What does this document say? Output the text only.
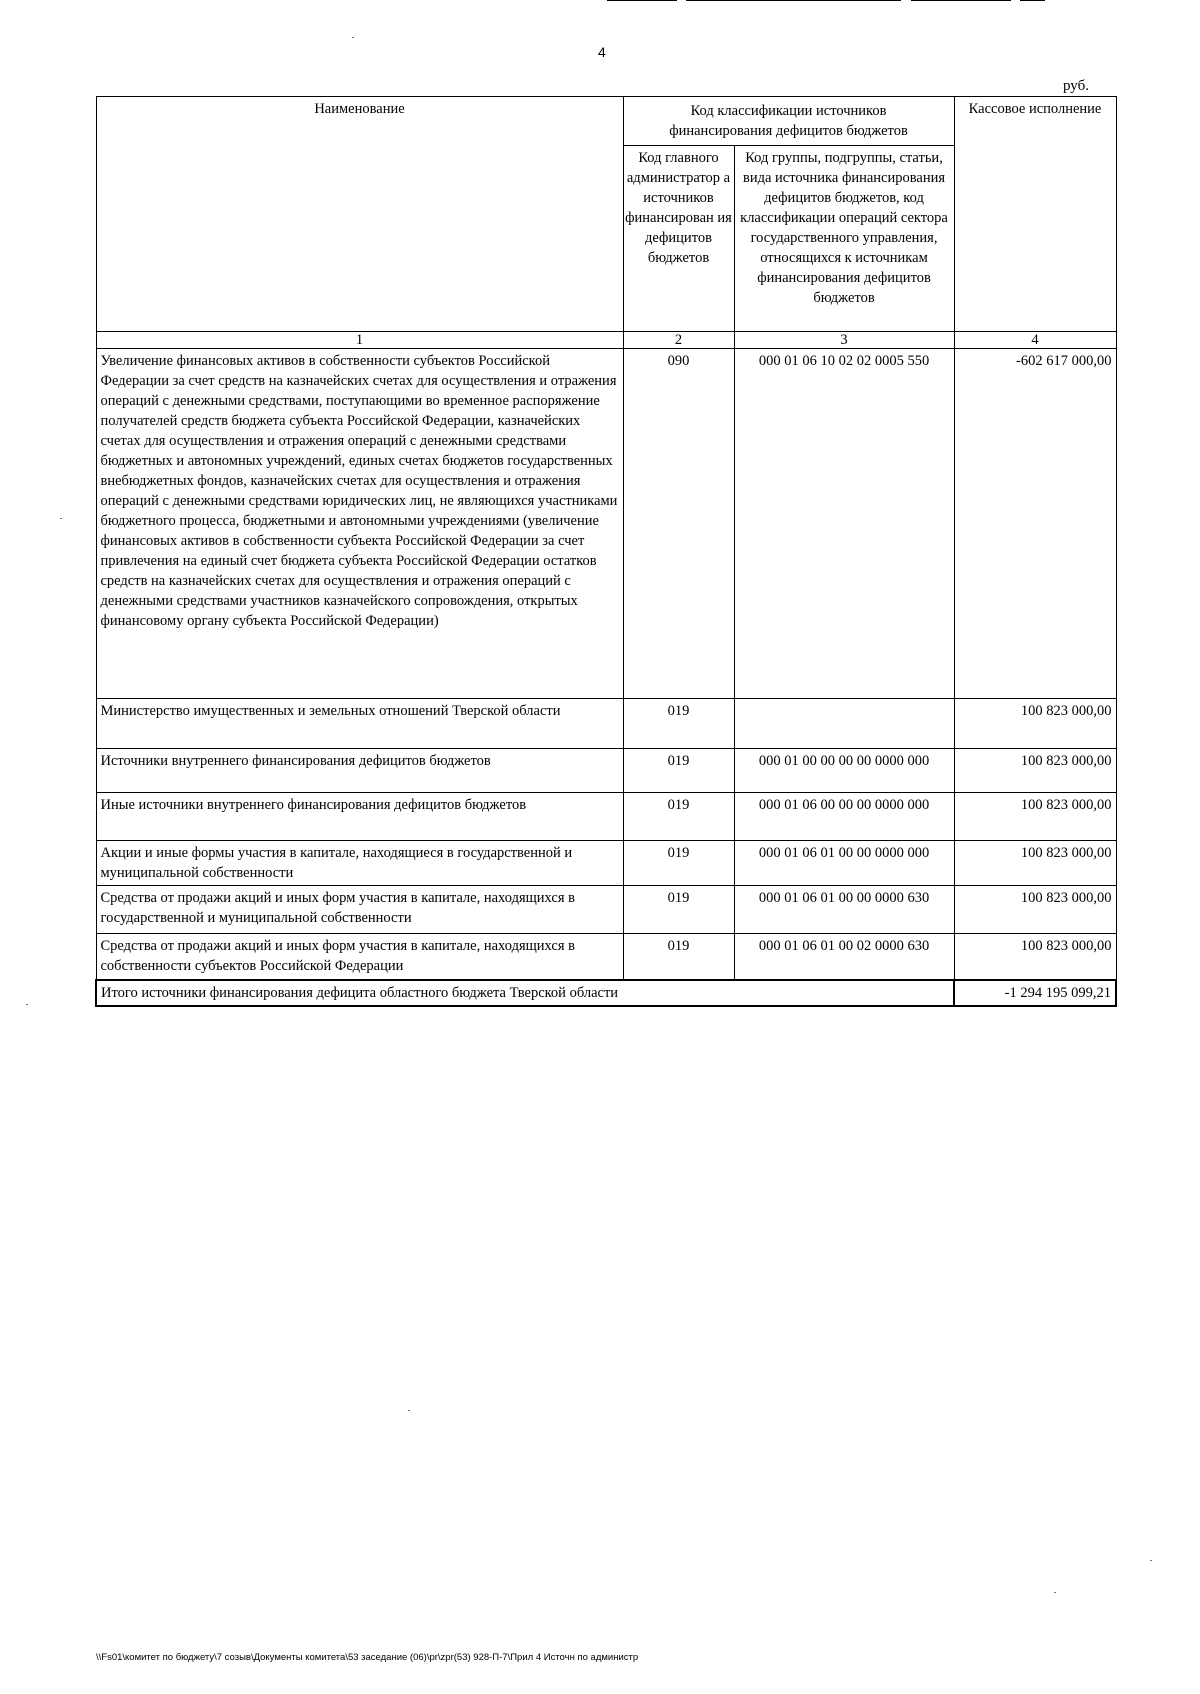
4
руб.
Наименование	Код классификации источников финансирования дефицитов бюджетов		Кассовое исполнение
	Код главного администратор а источников финансирован ия дефицитов бюджетов	Код группы, подгруппы, статьи, вида источника финансирования дефицитов бюджетов, код классификации операций сектора государственного управления, относящихся к источникам финансирования дефицитов бюджетов	
1	2	3	4
Увеличение финансовых активов в собственности субъектов Российской Федерации за счет средств на казначейских счетах для осуществления и отражения операций с денежными средствами, поступающими во временное распоряжение получателей средств бюджета субъекта Российской Федерации, казначейских счетах для осуществления и отражения операций с денежными средствами бюджетных и автономных учреждений, единых счетах бюджетов государственных внебюджетных фондов, казначейских счетах для осуществления и отражения операций с денежными средствами юридических лиц, не являющихся участниками бюджетного процесса, бюджетными и автономными учреждениями (увеличение финансовых активов в собственности субъекта Российской Федерации за счет привлечения на единый счет бюджета субъекта Российской Федерации остатков средств на казначейских счетах для осуществления и отражения операций с денежными средствами участников казначейского сопровождения, открытых финансовому органу субъекта Российской Федерации)	090	000 01 06 10 02 02 0005 550	-602 617 000,00
Министерство имущественных и земельных отношений Тверской области	019		100 823 000,00
Источники внутреннего финансирования дефицитов бюджетов	019	000 01 00 00 00 00 0000 000	100 823 000,00
Иные источники внутреннего финансирования дефицитов бюджетов	019	000 01 06 00 00 00 0000 000	100 823 000,00
Акции и иные формы участия в капитале, находящиеся в государственной и муниципальной собственности	019	000 01 06 01 00 00 0000 000	100 823 000,00
Средства от продажи акций и иных форм участия в капитале, находящихся в государственной и муниципальной собственности	019	000 01 06 01 00 00 0000 630	100 823 000,00
Средства от продажи акций и иных форм участия в капитале, находящихся в собственности субъектов Российской Федерации	019	000 01 06 01 00 02 0000 630	100 823 000,00
Итого источники финансирования дефицита областного бюджета Тверской области			-1 294 195 099,21
\\Fs01\комитет по бюджету\7 созыв\Документы комитета\53 заседание (06)\pr\zpr(53) 928-П-7\Прил 4 Источн по администр
